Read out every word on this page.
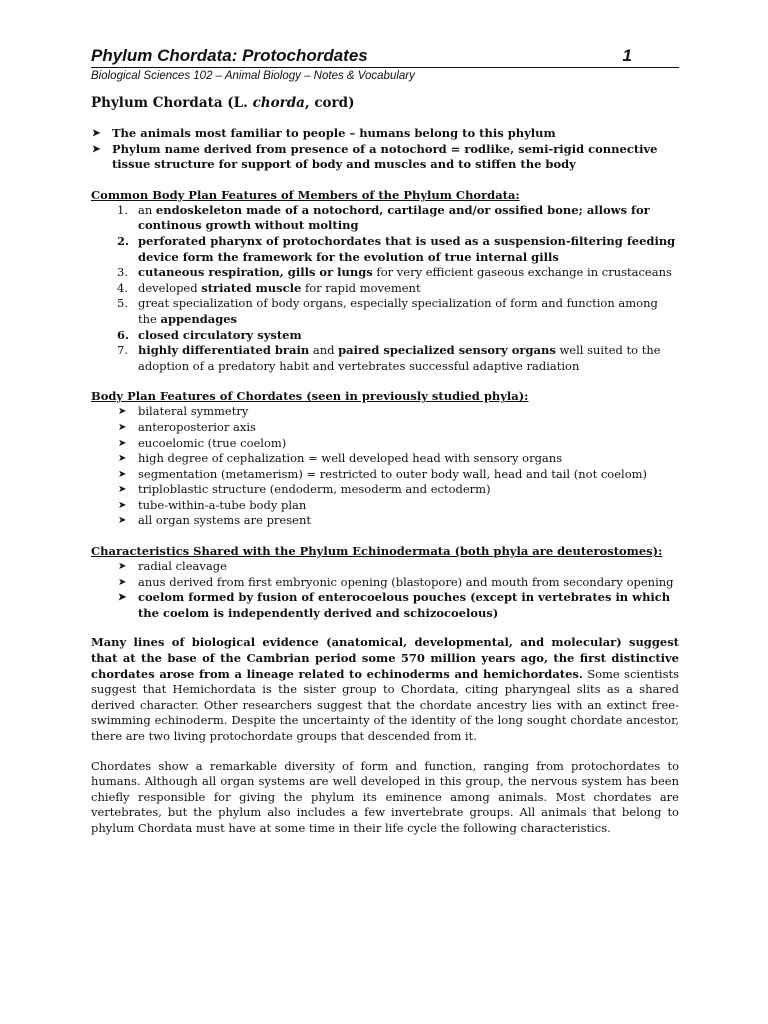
Phylum Chordata: Protochordates	1
Biological Sciences 102 – Animal Biology – Notes & Vocabulary
Phylum Chordata (L. chorda, cord)
➤ The animals most familiar to people – humans belong to this phylum
➤ Phylum name derived from presence of a notochord = rodlike, semi-rigid connective tissue structure for support of body and muscles and to stiffen the body
Common Body Plan Features of Members of the Phylum Chordata:
1. an endoskeleton made of a notochord, cartilage and/or ossified bone; allows for continous growth without molting
2. perforated pharynx of protochordates that is used as a suspension-filtering feeding device form the framework for the evolution of true internal gills
3. cutaneous respiration, gills or lungs for very efficient gaseous exchange in crustaceans
4. developed striated muscle for rapid movement
5. great specialization of body organs, especially specialization of form and function among the appendages
6. closed circulatory system
7. highly differentiated brain and paired specialized sensory organs well suited to the adoption of a predatory habit and vertebrates successful adaptive radiation
Body Plan Features of Chordates (seen in previously studied phyla):
➤ bilateral symmetry
➤ anteroposterior axis
➤ eucoelomic (true coelom)
➤ high degree of cephalization = well developed head with sensory organs
➤ segmentation (metamerism) = restricted to outer body wall, head and tail (not coelom)
➤ triploblastic structure (endoderm, mesoderm and ectoderm)
➤ tube-within-a-tube body plan
➤ all organ systems are present
Characteristics Shared with the Phylum Echinodermata (both phyla are deuterostomes):
➤ radial cleavage
➤ anus derived from first embryonic opening (blastopore) and mouth from secondary opening
➤ coelom formed by fusion of enterocoelous pouches (except in vertebrates in which the coelom is independently derived and schizocoelous)
Many lines of biological evidence (anatomical, developmental, and molecular) suggest that at the base of the Cambrian period some 570 million years ago, the first distinctive chordates arose from a lineage related to echinoderms and hemichordates. Some scientists suggest that Hemichordata is the sister group to Chordata, citing pharyngeal slits as a shared derived character. Other researchers suggest that the chordate ancestry lies with an extinct free-swimming echinoderm. Despite the uncertainty of the identity of the long sought chordate ancestor, there are two living protochordate groups that descended from it.
Chordates show a remarkable diversity of form and function, ranging from protochordates to humans. Although all organ systems are well developed in this group, the nervous system has been chiefly responsible for giving the phylum its eminence among animals. Most chordates are vertebrates, but the phylum also includes a few invertebrate groups. All animals that belong to phylum Chordata must have at some time in their life cycle the following characteristics.
